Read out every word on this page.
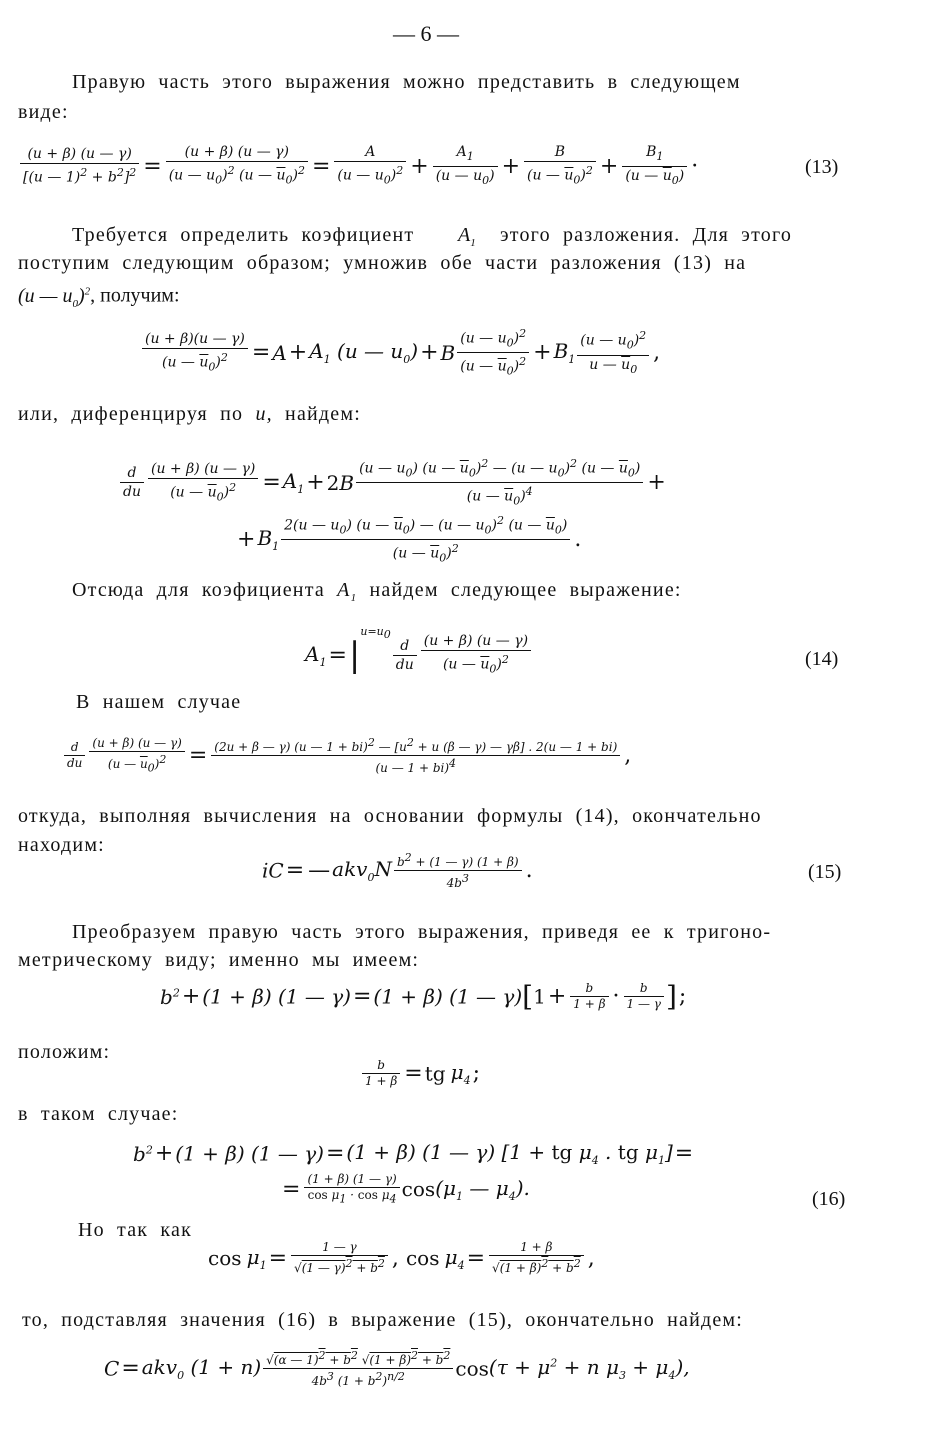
— 6 —
Правую часть этого выражения можно представить в следующем
виде:
$\frac{(u + \beta) (u — \gamma)}{[(u — 1)^2 + b^2]^2} = \frac{(u + \beta) (u — \gamma)}{(u — u_0)^2 (u — \overline{u}_0)^2} = \frac{A}{(u — u_0)^2} + \frac{A_1}{(u — u_0)} + \frac{B}{(u — \overline{u}_0)^2} + \frac{B_1}{(u — \overline{u}_0)}$ ·	(13)
Требуется определить коэфициент $A_1$ этого разложения. Для этого
поступим следующим образом; умножив обе части разложения (13) на
(u — $u_0)^2$, получим:
$\frac{(u + \beta)(u — \gamma)}{(u — \overline{u}_0)^2} = A+ A_1$ (u — $u_0)+ B \frac{(u — u_0)^2}{(u — \overline{u}_0)^2} + B_1 \frac{(u — u_0)^2}{u — \overline{u}_0}$ ,
или, диференцируя по u, найдем:
$\frac{d}{du} \frac{(u + \beta) (u — \gamma)}{(u — \overline{u}_0)^2} = A_1+ 2B \frac{(u — u_0) (u — \overline{u}_0)^2 — (u — u_0)^2 (u — \overline{u}_0)}{(u — \overline{u}_0)^4}$ +
+ $B_1 \frac{2(u — u_0) (u — \overline{u}_0) — (u — u_0)^2 (u — \overline{u}_0)}{(u — \overline{u}_0)^2}$ .
Отсюда для коэфициента $A_1$ найдем следующее выражение:
$A_1=|^{u=u_0}$
$\frac{d}{du} \frac{(u + \beta) (u — \gamma)}{(u — \overline{u}_0)^2}$	(14)
В нашем случае
$\frac{d}{du} \frac{(u + \beta) (u — \gamma)}{(u — \overline{u}_0)^2} = (2u + \beta$ — γ) (u — 1 + bi)$^2$ — [$u^2 + u$ (β — γ) — γβ] . 2(u — 1 + bi)
(u — 1 + bi)$^4$	,
откуда, выполняя вычисления на основании формулы (14), окончательно
находим:
iC= — $akv_0N \frac{b^2 + (1 — \gamma) (1 + \beta)}{4b^3}$ .	(15)
Преобразуем правую часть этого выражения, приведя ее к тригоно-
метрическому виду; именно мы имеем:
$b^2+ (1 + \beta)$ (1 — γ)= (1 + β) (1 — $\gamma)[1+ \frac{b}{1 + \beta} \cdot \frac{b}{1 — \gamma}$ ];
положим:
$\frac{b}{1 + \beta}$ = tg $\mu_4$;
в таком случае:
$b^2+ (1 + \beta)$ (1 — γ)= (1 + β) (1 — γ) [1 + tg $\mu_4$ . tg $\mu_1]=$
= $\frac{(1 + \beta) (1 — \gamma)}{\cos \mu_1 \cdot \cos \mu_4} \cos(\mu_1$ — $\mu_4$).	(16)
Но так как
$\cos \mu_1= \frac{1 — \gamma}{√(1 — \gamma)^2 + b^2}$ , $\cos \mu_4= \frac{1 + \beta}{√(1 + \beta)^2 + b^2}$ ,
то, подставляя значения (16) в выражение (15), окончательно найдем:
C= akv$_0$ $(1 + n) \frac{√(\alpha — 1)^2 + b^2 √(1 + \beta)^2 + b^2}{4b^3 (1 + b^2)^{n/2}} \cos(\tau + \mu^2 + n$ $\mu_3 + \mu_4$),
